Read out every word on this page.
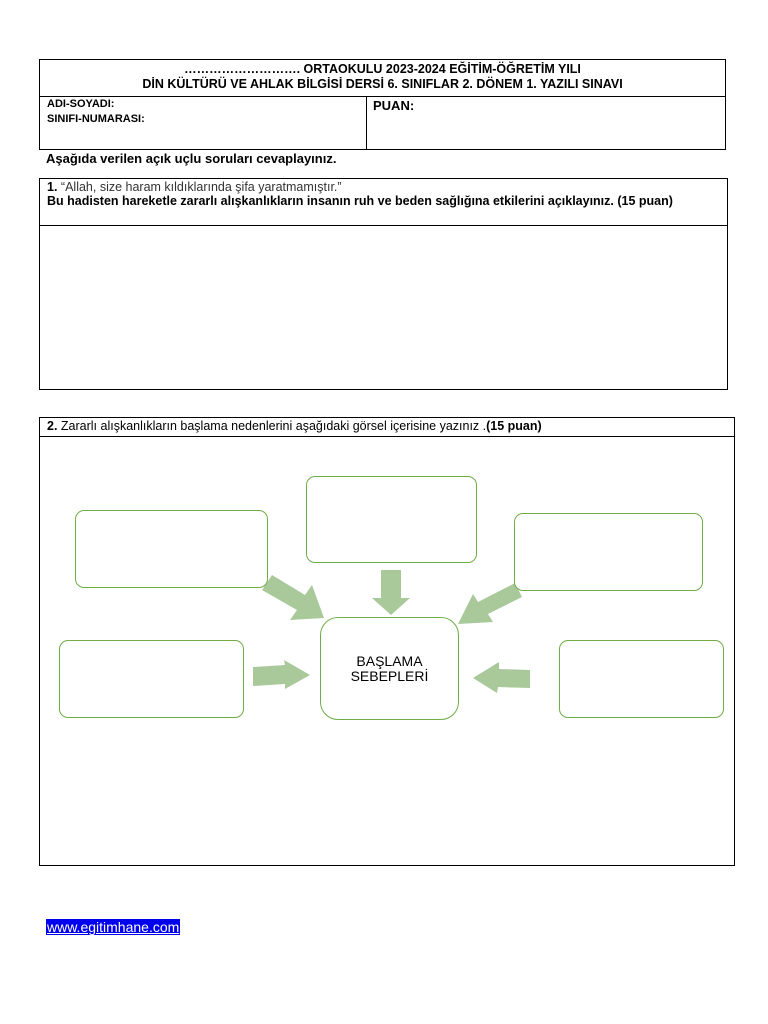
………………………. ORTAOKULU 2023-2024 EĞİTİM-ÖĞRETİM YILI
DİN KÜLTÜRÜ VE AHLAK BİLGİSİ DERSİ 6. SINIFLAR 2. DÖNEM 1. YAZILI SINAVI
ADI-SOYADI:
SINIFI-NUMARASI:
PUAN:
Aşağıda verilen açık uçlu soruları cevaplayınız.
1. “Allah, size haram kıldıklarında şifa yaratmamıştır.”
Bu hadisten hareketle zararlı alışkanlıkların insanın ruh ve beden sağlığına etkilerini açıklayınız. (15 puan)
2. Zararlı alışkanlıkların başlama nedenlerini aşağıdaki görsel içerisine yazınız .(15 puan)
BAŞLAMA SEBEPLERİ
www.egitimhane.com
